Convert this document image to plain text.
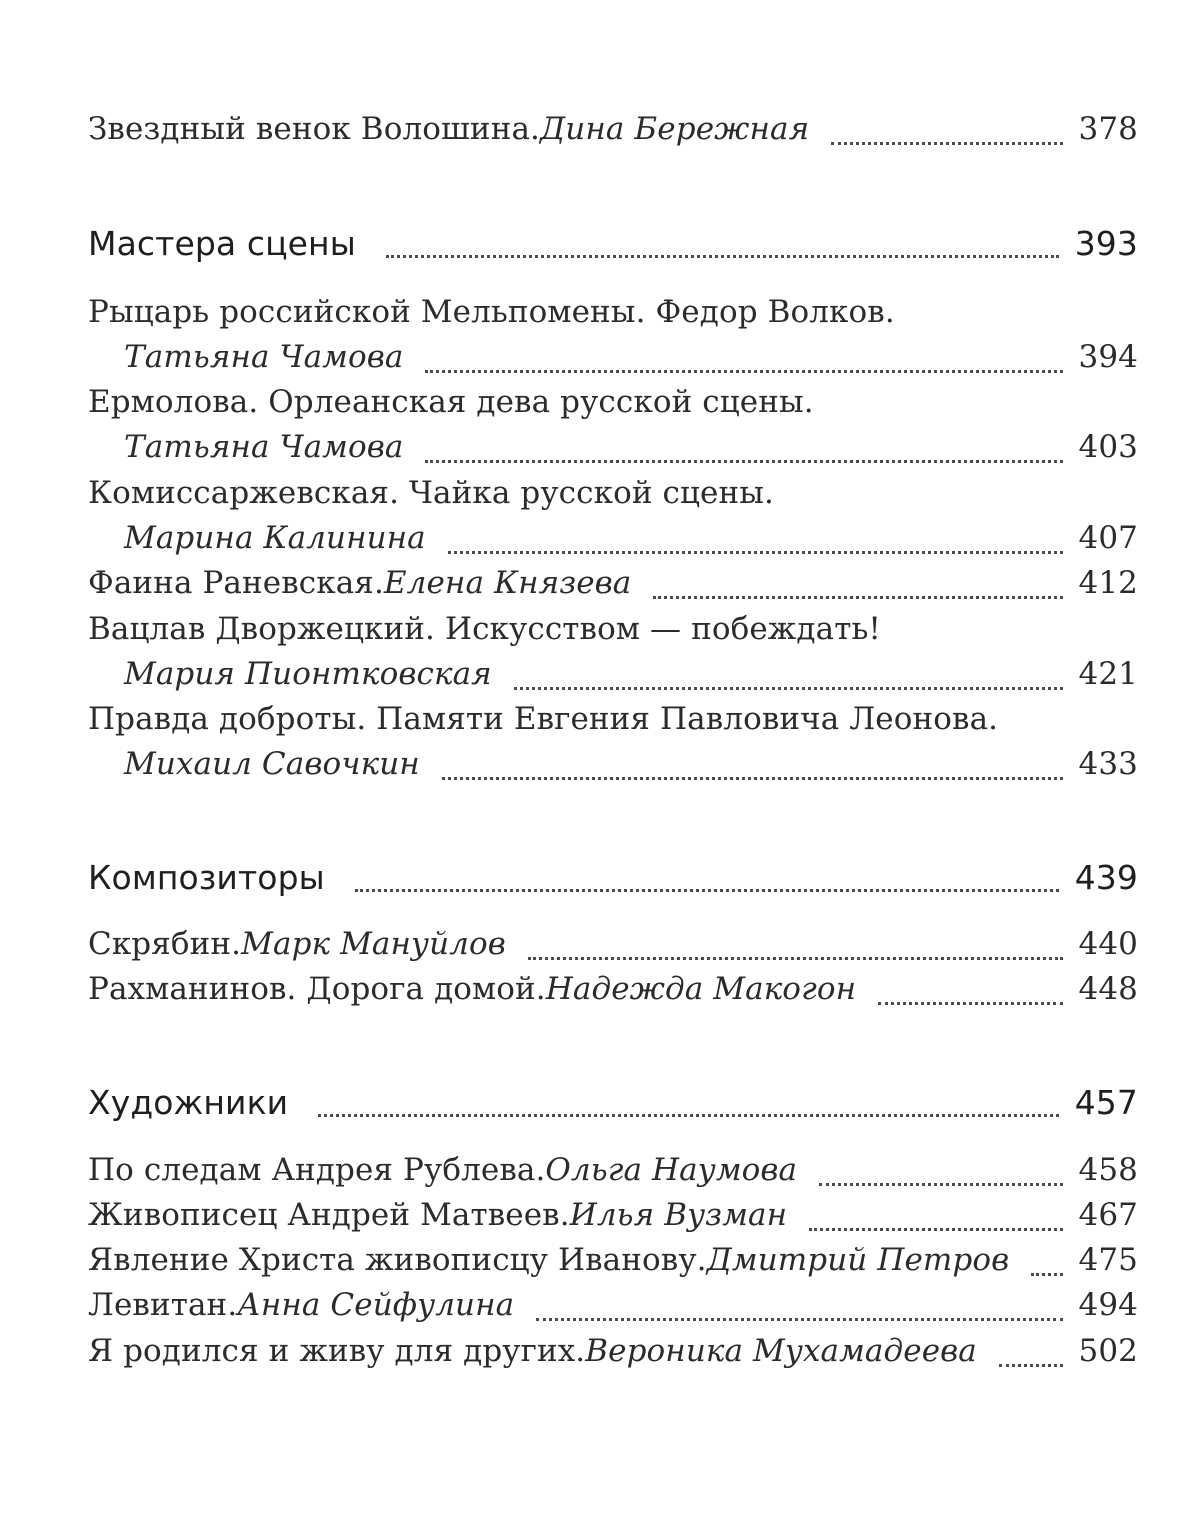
Звездный венок Волошина. Дина Бережная	378
Мастера сцены	393
Рыцарь российской Мельпомены. Федор Волков.
Татьяна Чамова	394
Ермолова. Орлеанская дева русской сцены.
Татьяна Чамова	403
Комиссаржевская. Чайка русской сцены.
Марина Калинина	407
Фаина Раневская. Елена Князева	412
Вацлав Дворжецкий. Искусством — побеждать!
Мария Пионтковская	421
Правда доброты. Памяти Евгения Павловича Леонова.
Михаил Савочкин	433
Композиторы	439
Скрябин. Марк Мануйлов	440
Рахманинов. Дорога домой. Надежда Макогон	448
Художники	457
По следам Андрея Рублева. Ольга Наумова	458
Живописец Андрей Матвеев. Илья Вузман	467
Явление Христа живописцу Иванову. Дмитрий Петров 475
Левитан. Анна Сейфулина	494
Я родился и живу для других. Вероника Мухамадеева	502
